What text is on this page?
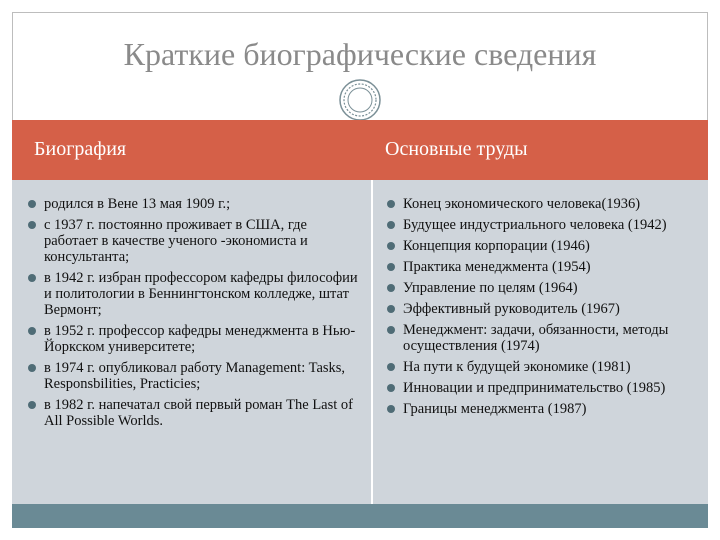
Краткие биографические сведения
Биография	Основные труды
родился в Вене 13 мая 1909 г.;
с 1937 г. постоянно проживает в США, где работает в качестве ученого -экономиста и консультанта;
в 1942 г. избран профессором кафедры философии и политологии в Беннингтонском колледже, штат Вермонт;
в 1952 г. профессор кафедры менеджмента в Нью-Йоркском университете;
в 1974 г. опубликовал работу Management: Tasks, Responsbilities, Practicies;
в 1982 г. напечатал свой первый роман The Last of All Possible Worlds.
Конец экономического человека(1936)
Будущее индустриального человека (1942)
Концепция корпорации (1946)
Практика менеджмента (1954)
Управление по целям (1964)
Эффективный руководитель (1967)
Менеджмент: задачи, обязанности, методы осуществления (1974)
На пути к будущей экономике (1981)
Инновации и предпринимательство (1985)
Границы менеджмента (1987)
